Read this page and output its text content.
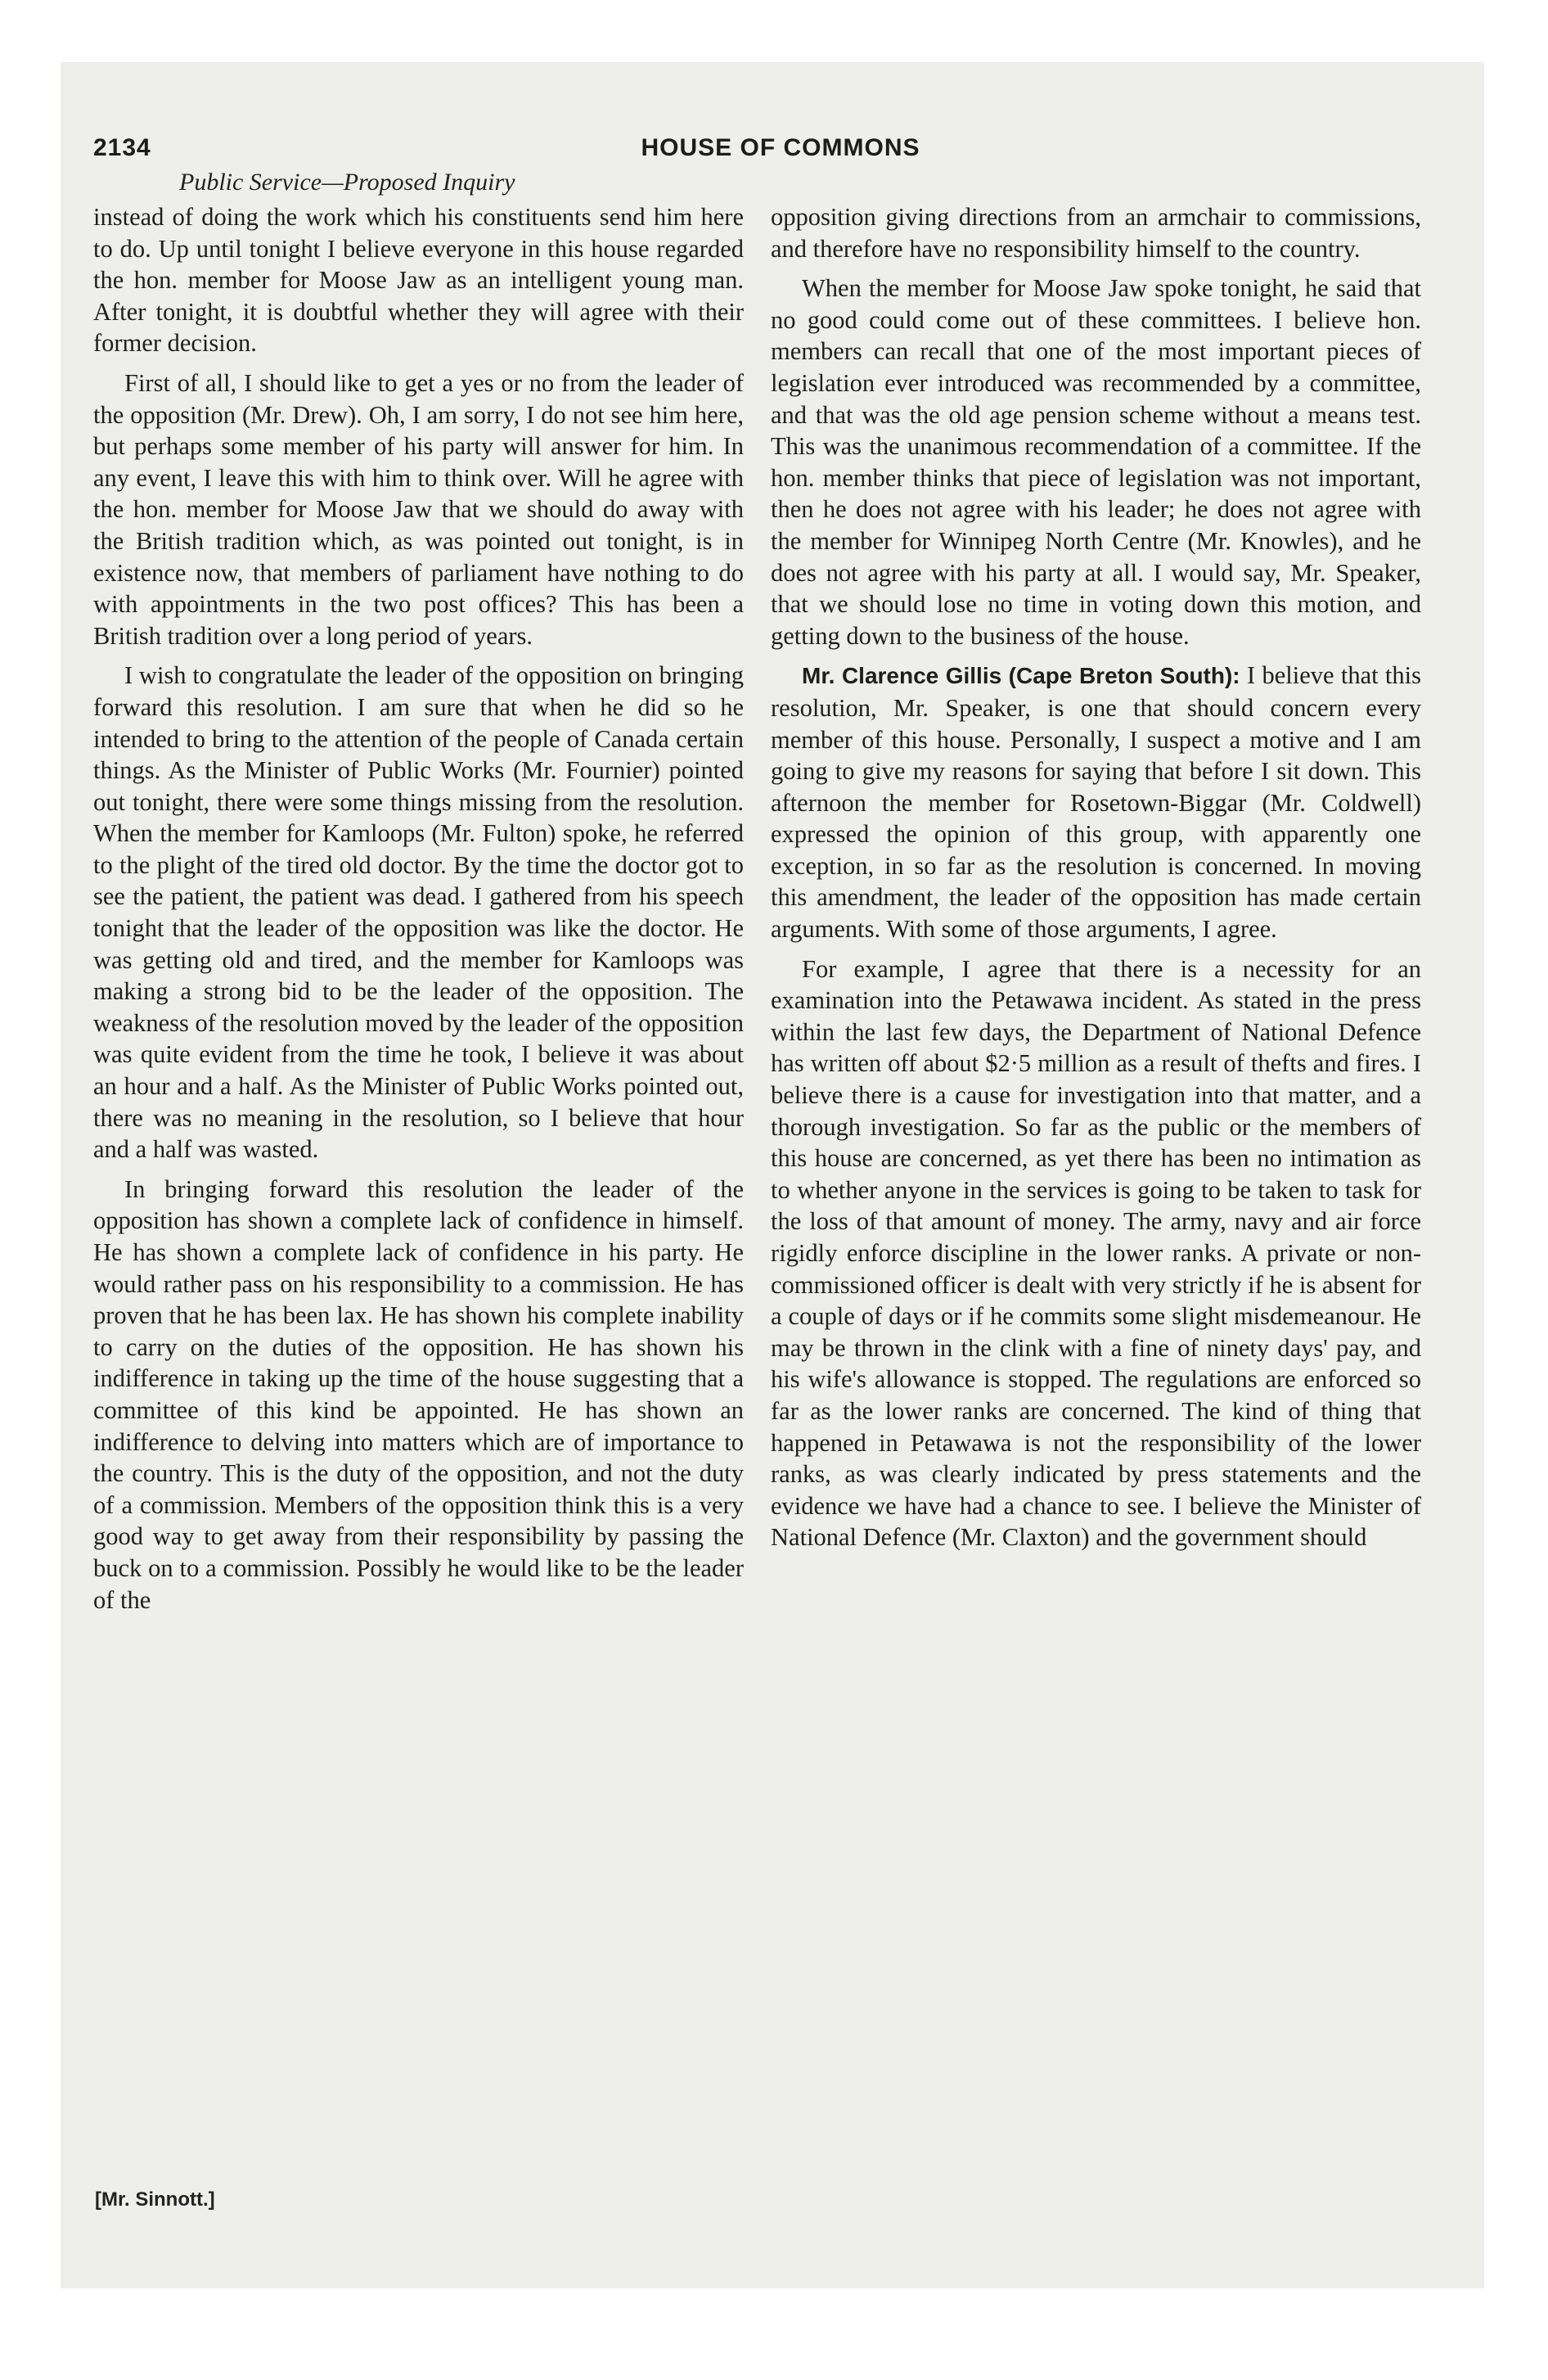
2134	HOUSE OF COMMONS
Public Service—Proposed Inquiry

instead of doing the work which his constituents send him here to do. Up until tonight I believe everyone in this house regarded the hon. member for Moose Jaw as an intelligent young man. After tonight, it is doubtful whether they will agree with their former decision.

First of all, I should like to get a yes or no from the leader of the opposition (Mr. Drew). Oh, I am sorry, I do not see him here, but perhaps some member of his party will answer for him. In any event, I leave this with him to think over. Will he agree with the hon. member for Moose Jaw that we should do away with the British tradition which, as was pointed out tonight, is in existence now, that members of parliament have nothing to do with appointments in the two post offices? This has been a British tradition over a long period of years.

I wish to congratulate the leader of the opposition on bringing forward this resolution. I am sure that when he did so he intended to bring to the attention of the people of Canada certain things. As the Minister of Public Works (Mr. Fournier) pointed out tonight, there were some things missing from the resolution. When the member for Kamloops (Mr. Fulton) spoke, he referred to the plight of the tired old doctor. By the time the doctor got to see the patient, the patient was dead. I gathered from his speech tonight that the leader of the opposition was like the doctor. He was getting old and tired, and the member for Kamloops was making a strong bid to be the leader of the opposition. The weakness of the resolution moved by the leader of the opposition was quite evident from the time he took, I believe it was about an hour and a half. As the Minister of Public Works pointed out, there was no meaning in the resolution, so I believe that hour and a half was wasted.

In bringing forward this resolution the leader of the opposition has shown a complete lack of confidence in himself. He has shown a complete lack of confidence in his party. He would rather pass on his responsibility to a commission. He has proven that he has been lax. He has shown his complete inability to carry on the duties of the opposition. He has shown his indifference in taking up the time of the house suggesting that a committee of this kind be appointed. He has shown an indifference to delving into matters which are of importance to the country. This is the duty of the opposition, and not the duty of a commission. Members of the opposition think this is a very good way to get away from their responsibility by passing the buck on to a commission. Possibly he would like to be the leader of the

opposition giving directions from an armchair to commissions, and therefore have no responsibility himself to the country.

When the member for Moose Jaw spoke tonight, he said that no good could come out of these committees. I believe hon. members can recall that one of the most important pieces of legislation ever introduced was recommended by a committee, and that was the old age pension scheme without a means test. This was the unanimous recommendation of a committee. If the hon. member thinks that piece of legislation was not important, then he does not agree with his leader; he does not agree with the member for Winnipeg North Centre (Mr. Knowles), and he does not agree with his party at all. I would say, Mr. Speaker, that we should lose no time in voting down this motion, and getting down to the business of the house.

Mr. Clarence Gillis (Cape Breton South): I believe that this resolution, Mr. Speaker, is one that should concern every member of this house. Personally, I suspect a motive and I am going to give my reasons for saying that before I sit down. This afternoon the member for Rosetown-Biggar (Mr. Coldwell) expressed the opinion of this group, with apparently one exception, in so far as the resolution is concerned. In moving this amendment, the leader of the opposition has made certain arguments. With some of those arguments, I agree.

For example, I agree that there is a necessity for an examination into the Petawawa incident. As stated in the press within the last few days, the Department of National Defence has written off about $2·5 million as a result of thefts and fires. I believe there is a cause for investigation into that matter, and a thorough investigation. So far as the public or the members of this house are concerned, as yet there has been no intimation as to whether anyone in the services is going to be taken to task for the loss of that amount of money. The army, navy and air force rigidly enforce discipline in the lower ranks. A private or non-commissioned officer is dealt with very strictly if he is absent for a couple of days or if he commits some slight misdemeanour. He may be thrown in the clink with a fine of ninety days' pay, and his wife's allowance is stopped. The regulations are enforced so far as the lower ranks are concerned. The kind of thing that happened in Petawawa is not the responsibility of the lower ranks, as was clearly indicated by press statements and the evidence we have had a chance to see. I believe the Minister of National Defence (Mr. Claxton) and the government should

[Mr. Sinnott.]
